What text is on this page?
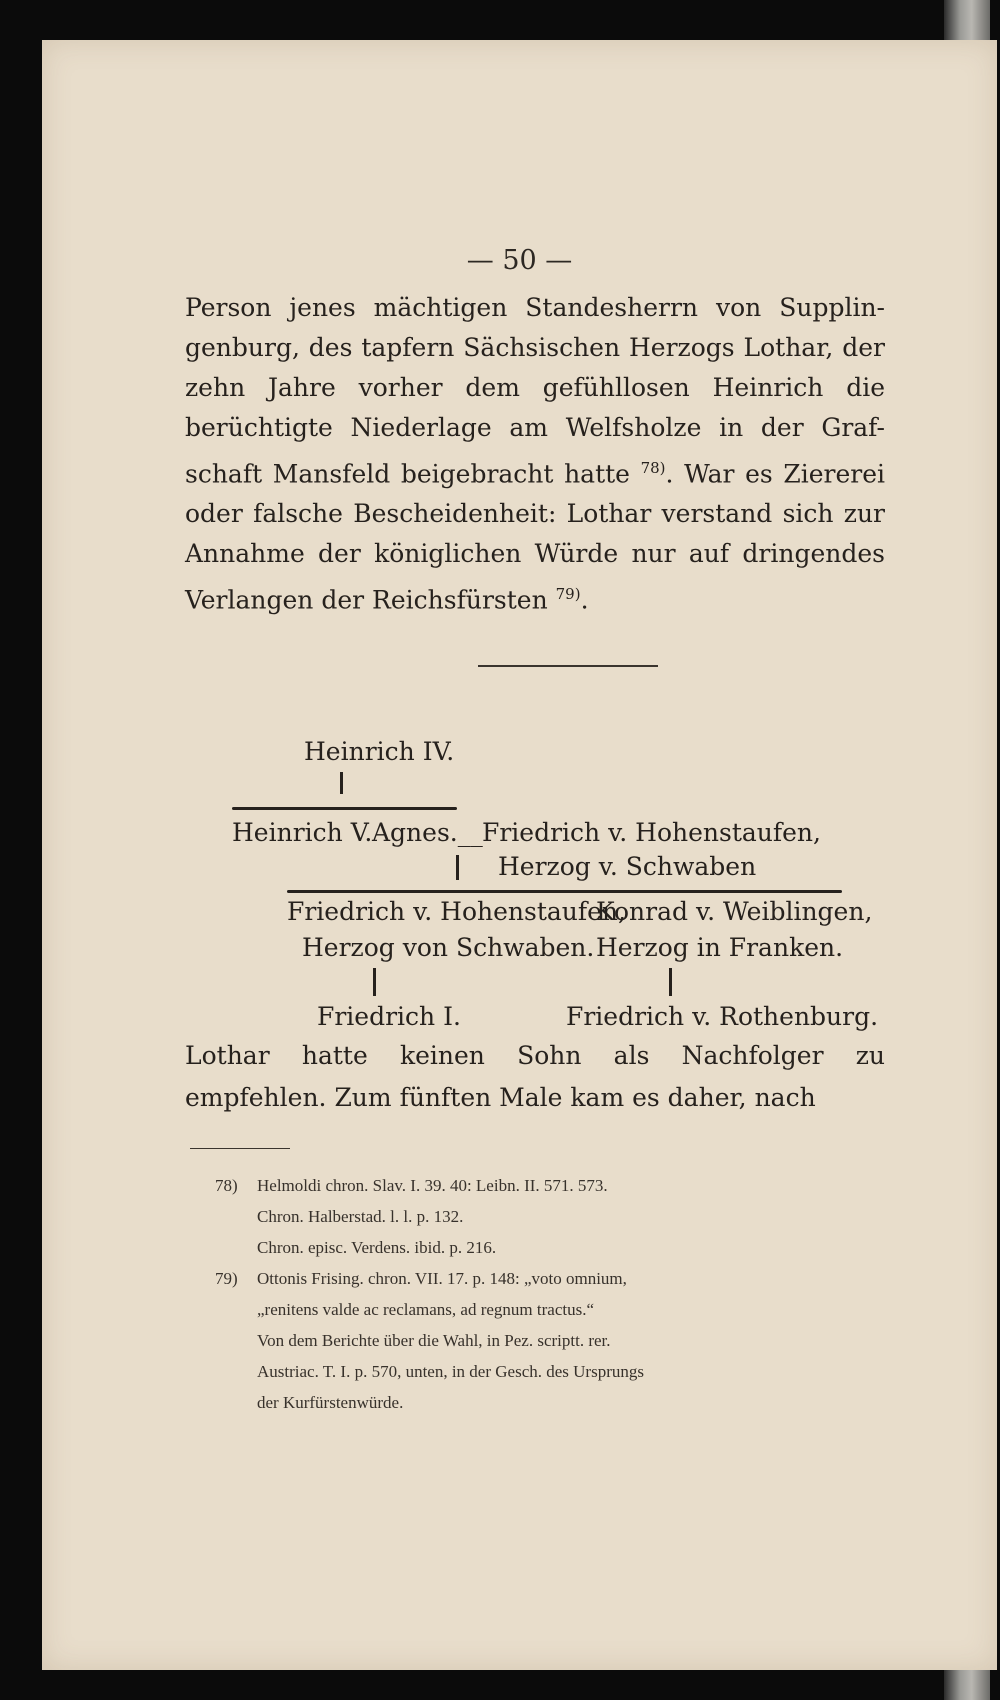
— 50 —
Person jenes mächtigen Standesherrn von Supplin-genburg, des tapfern Sächsischen Herzogs Lothar, der zehn Jahre vorher dem gefühllosen Heinrich die berüchtigte Niederlage am Welfsholze in der Graf-schaft Mansfeld beigebracht hatte $^{78)}$. War es Ziererei oder falsche Bescheidenheit: Lothar verstand sich zur Annahme der königlichen Würde nur auf dringendes Verlangen der Reichsfürsten $^{79)}$.
Heinrich IV.
Heinrich V. Agnes.__ Friedrich v. Hohenstaufen,
Herzog v. Schwaben
Friedrich v. Hohenstaufen,
Konrad v. Weiblingen,
Herzog von Schwaben. Herzog in Franken.
Friedrich I.	Friedrich v. Rothenburg.
Lothar hatte keinen Sohn als Nachfolger zu empfehlen. Zum fünften Male kam es daher, nach
78) Helmoldi chron. Slav. I. 39. 40: Leibn. II. 571. 573.
Chron. Halberstad. l. l. p. 132.
Chron. episc. Verdens. ibid. p. 216.
79) Ottonis Frising. chron. VII. 17. p. 148: „voto omnium,
„renitens valde ac reclamans, ad regnum tractus.“
Von dem Berichte über die Wahl, in Pez. scriptt. rer.
Austriac. T. I. p. 570, unten, in der Gesch. des Ursprungs
der Kurfürstenwürde.
